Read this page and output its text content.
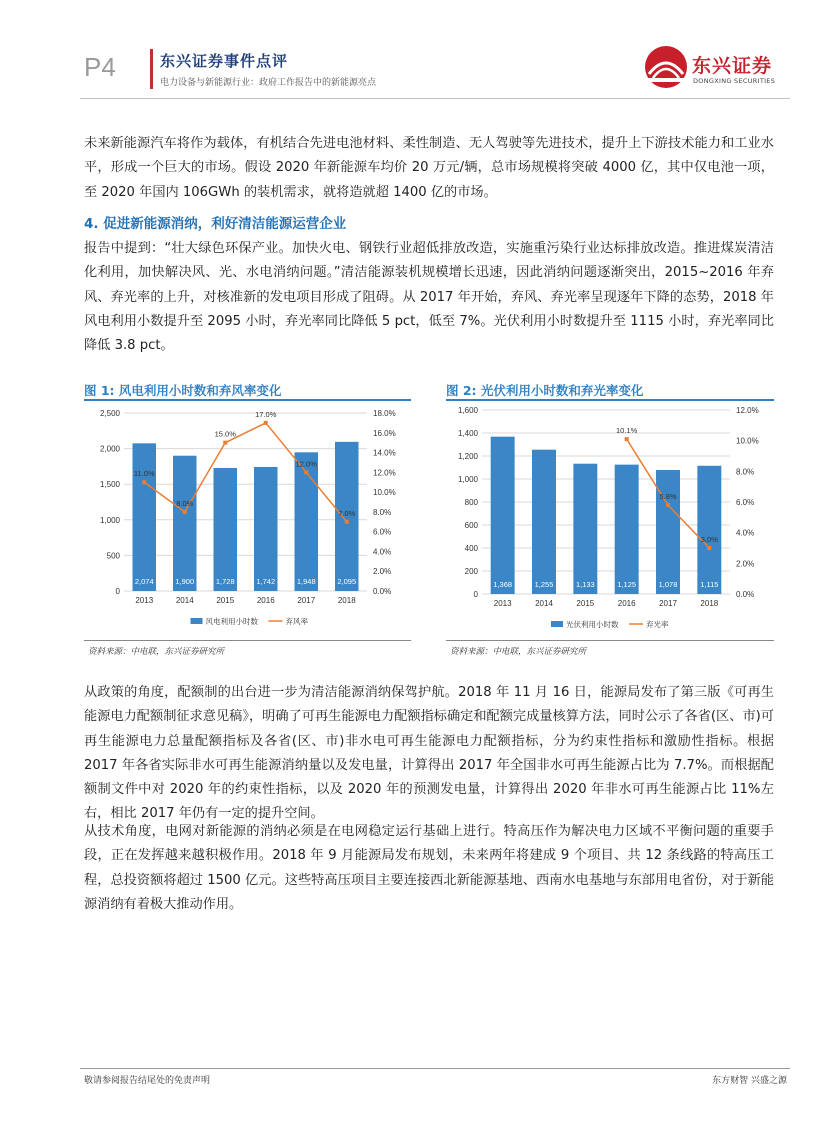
P4	东兴证券事件点评
电力设备与新能源行业：政府工作报告中的新能源亮点
东兴证券
DONGXING SECURITIES
未来新能源汽车将作为载体，有机结合先进电池材料、柔性制造、无人驾驶等先进技术，提升上下游技术能力和工业水平，形成一个巨大的市场。假设 2020 年新能源车均价 20 万元/辆，总市场规模将突破 4000 亿，其中仅电池一项，至 2020 年国内 106GWh 的装机需求，就将造就超 1400 亿的市场。
4. 促进新能源消纳，利好清洁能源运营企业
报告中提到：“壮大绿色环保产业。加快火电、钢铁行业超低排放改造，实施重污染行业达标排放改造。推进煤炭清洁化利用，加快解决风、光、水电消纳问题。”清洁能源装机规模增长迅速，因此消纳问题逐渐突出，2015~2016 年弃风、弃光率的上升，对核准新的发电项目形成了阻碍。从 2017 年开始，弃风、弃光率呈现逐年下降的态势，2018 年风电利用小数提升至 2095 小时，弃光率同比降低 5 pct，低至 7%。光伏利用小时数提升至 1115 小时，弃光率同比降低 3.8 pct。
图 1: 风电利用小时数和弃风率变化
0
500
1,000
1,500
2,000
2,500
0.0%
2.0%
4.0%
6.0%
8.0%
10.0%
12.0%
14.0%
16.0%
18.0%
2,074
2013
1,900
2014
1,728
2015
1,742
2016
1,948
2017
2,095
2018
11.0%
8.0%
15.0%
17.0%
12.0%
7.0%
风电利用小时数	弃风率
资料来源：中电联，东兴证券研究所
图 2: 光伏利用小时数和弃光率变化
0
200
400
600
800
1,000
1,200
1,400
1,600
0.0%
2.0%
4.0%
6.0%
8.0%
10.0%
12.0%
1,368
2013
1,255
2014
1,133
2015
1,125
2016
1,078
2017
1,115
2018
10.1%
5.8%
3.0%
光伏利用小时数	弃光率
资料来源：中电联，东兴证券研究所
从政策的角度，配额制的出台进一步为清洁能源消纳保驾护航。2018 年 11 月 16 日，能源局发布了第三版《可再生能源电力配额制征求意见稿》，明确了可再生能源电力配额指标确定和配额完成量核算方法，同时公示了各省(区、市)可再生能源电力总量配额指标及各省(区、市)非水电可再生能源电力配额指标，分为约束性指标和激励性指标。根据 2017 年各省实际非水可再生能源消纳量以及发电量，计算得出 2017 年全国非水可再生能源占比为 7.7%。而根据配额制文件中对 2020 年的约束性指标，以及 2020 年的预测发电量，计算得出 2020 年非水可再生能源占比 11%左右，相比 2017 年仍有一定的提升空间。
从技术角度，电网对新能源的消纳必须是在电网稳定运行基础上进行。特高压作为解决电力区域不平衡问题的重要手段，正在发挥越来越积极作用。2018 年 9 月能源局发布规划，未来两年将建成 9 个项目、共 12 条线路的特高压工程，总投资额将超过 1500 亿元。这些特高压项目主要连接西北新能源基地、西南水电基地与东部用电省份，对于新能源消纳有着极大推动作用。
敬请参阅报告结尾处的免责声明	东方财智 兴盛之源
